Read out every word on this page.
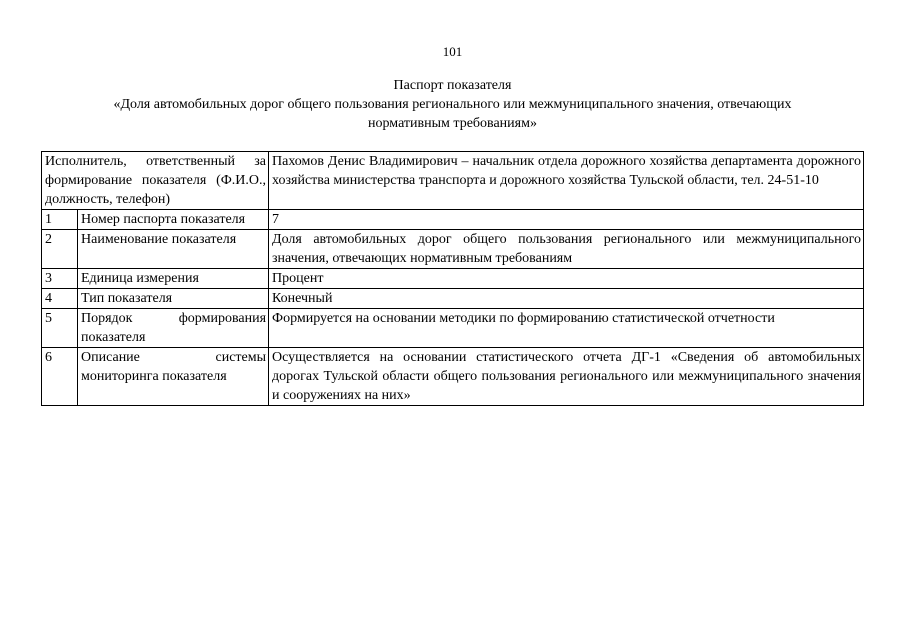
101
Паспорт показателя
«Доля автомобильных дорог общего пользования регионального или межмуниципального значения, отвечающих
нормативным требованиям»
Исполнитель, ответственный за формирование показателя (Ф.И.О., должность, телефон)		Пахомов Денис Владимирович – начальник отдела дорожного хозяйства департамента дорожного хозяйства министерства транспорта и дорожного хозяйства Тульской области, тел. 24-51-10
1	Номер паспорта показателя	7
2	Наименование показателя	Доля автомобильных дорог общего пользования регионального или межмуниципального значения, отвечающих нормативным требованиям
3	Единица измерения	Процент
4	Тип показателя	Конечный
5	Порядок формирования показателя	Формируется на основании методики по формированию статистической отчетности
6	Описание системы мониторинга показателя	Осуществляется на основании статистического отчета ДГ-1 «Сведения об автомобильных дорогах Тульской области общего пользования регионального или межмуниципального значения и сооружениях на них»
